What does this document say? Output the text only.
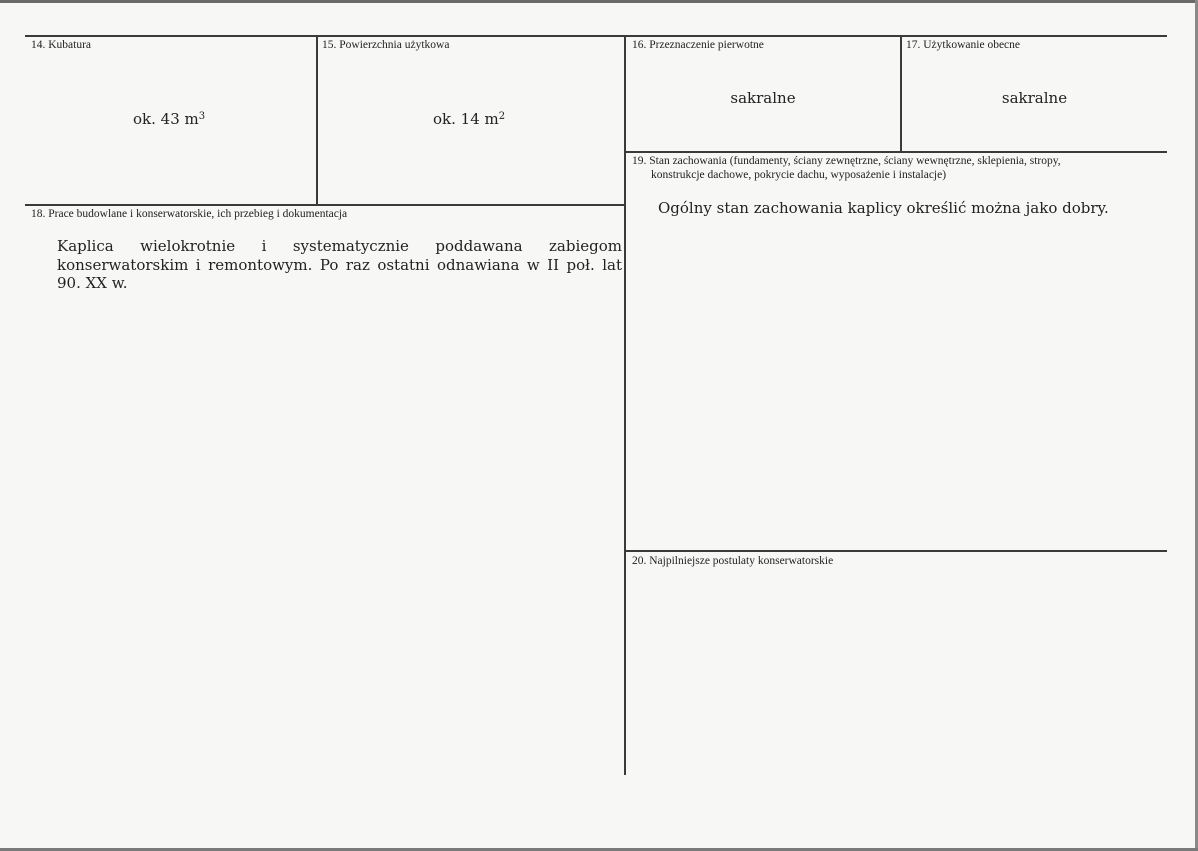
14. Kubatura
ok. 43 $m^3$
15. Powierzchnia użytkowa
ok. 14 $m^2$
16. Przeznaczenie pierwotne
sakralne
17. Użytkowanie obecne
sakralne
19. Stan zachowania (fundamenty, ściany zewnętrzne, ściany wewnętrzne, sklepienia, stropy,
konstrukcje dachowe, pokrycie dachu, wyposażenie i instalacje)
Ogólny stan zachowania kaplicy określić można jako dobry.
18. Prace budowlane i konserwatorskie, ich przebieg i dokumentacja
Kaplica wielokrotnie i systematycznie poddawana zabiegom konserwatorskim i remontowym. Po raz ostatni odnawiana w II poł. lat 90. XX w.
20. Najpilniejsze postulaty konserwatorskie
